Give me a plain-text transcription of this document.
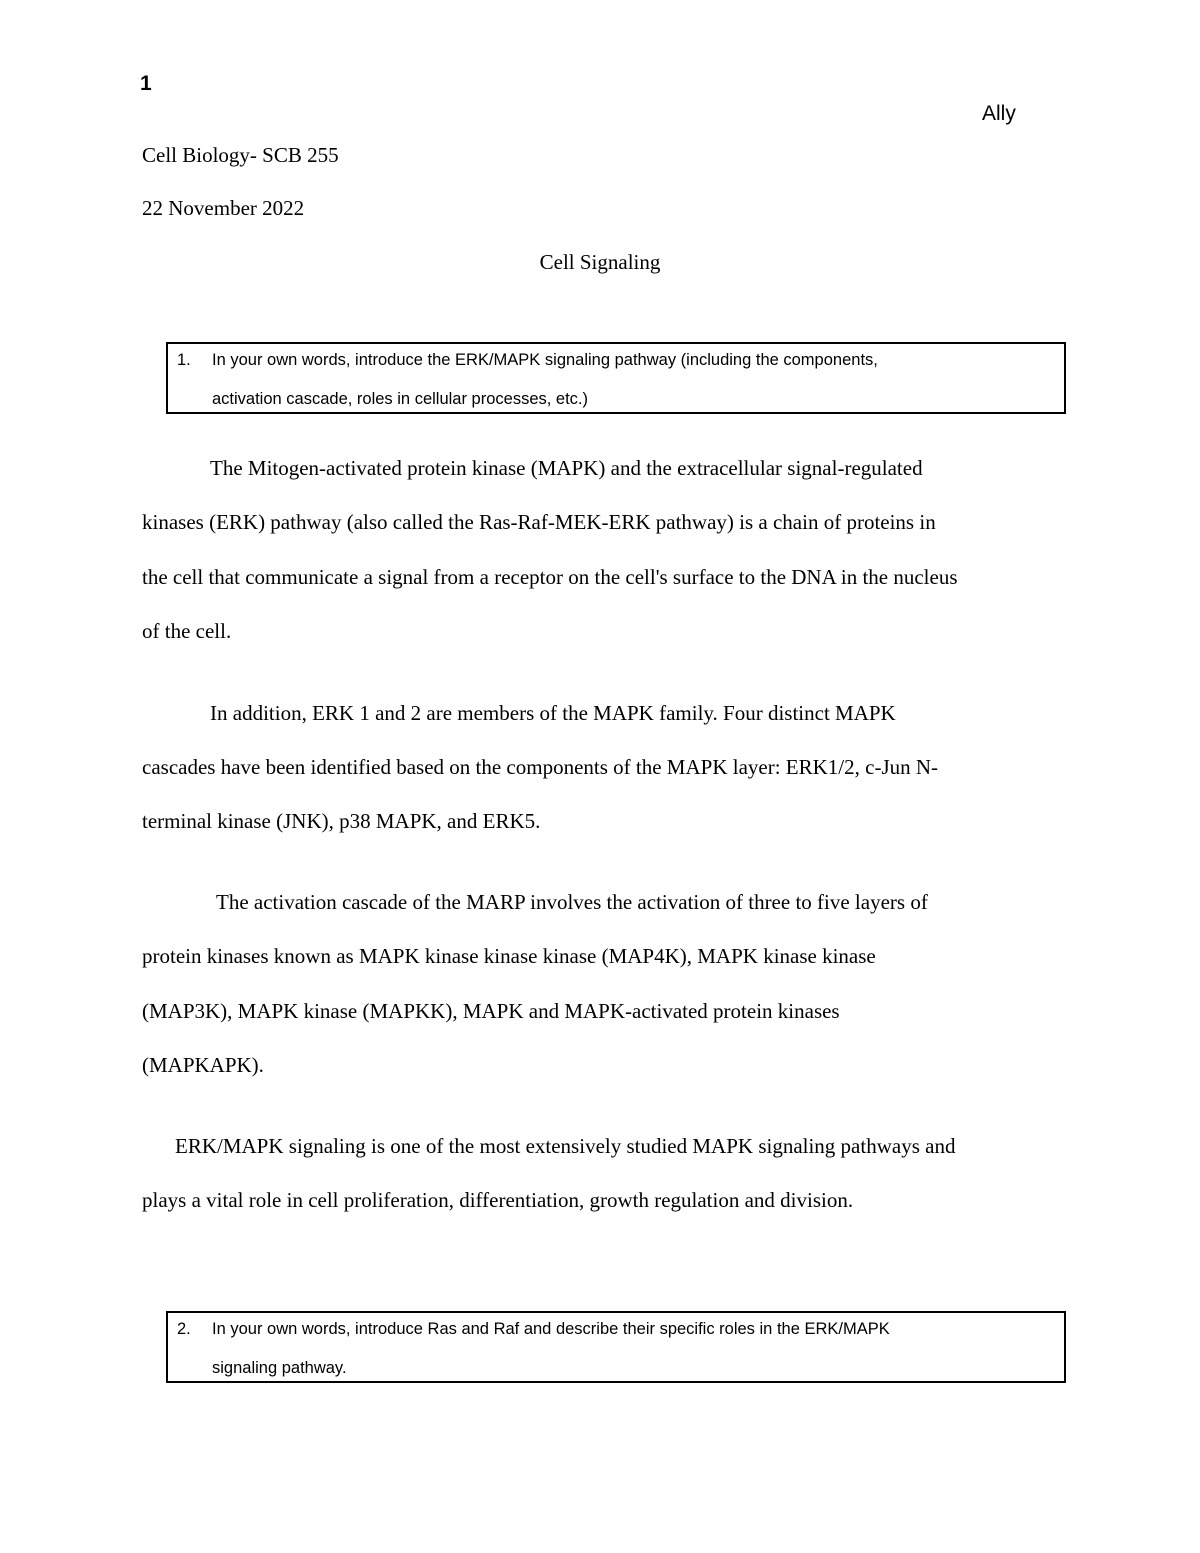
1
Ally
Cell Biology- SCB 255
22 November 2022
Cell Signaling
1. In your own words, introduce the ERK/MAPK signaling pathway (including the components,
activation cascade, roles in cellular processes, etc.)
The Mitogen-activated protein kinase (MAPK) and the extracellular signal-regulated
kinases (ERK) pathway (also called the Ras-Raf-MEK-ERK pathway) is a chain of proteins in
the cell that communicate a signal from a receptor on the cell's surface to the DNA in the nucleus
of the cell.
In addition, ERK 1 and 2 are members of the MAPK family. Four distinct MAPK
cascades have been identified based on the components of the MAPK layer: ERK1/2, c-Jun N-
terminal kinase (JNK), p38 MAPK, and ERK5.
The activation cascade of the MARP involves the activation of three to five layers of
protein kinases known as MAPK kinase kinase kinase (MAP4K), MAPK kinase kinase
(MAP3K), MAPK kinase (MAPKK), MAPK and MAPK-activated protein kinases
(MAPKAPK).
ERK/MAPK signaling is one of the most extensively studied MAPK signaling pathways and
plays a vital role in cell proliferation, differentiation, growth regulation and division.
2. In your own words, introduce Ras and Raf and describe their specific roles in the ERK/MAPK
signaling pathway.
